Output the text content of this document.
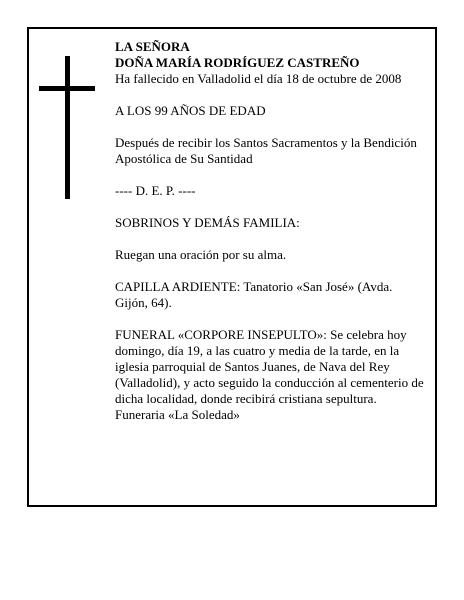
LA SEÑORA

DOÑA MARÍA RODRÍGUEZ CASTREÑO

Ha fallecido en Valladolid el día 18 de octubre de 2008

A LOS 99 AÑOS DE EDAD

Después de recibir los Santos Sacramentos y la Bendición Apostólica de Su Santidad

---- D. E. P. ----

SOBRINOS Y DEMÁS FAMILIA:

Ruegan una oración por su alma.

CAPILLA ARDIENTE: Tanatorio «San José» (Avda. Gijón, 64).

FUNERAL «CORPORE INSEPULTO»: Se celebra hoy domingo, día 19, a las cuatro y media de la tarde, en la iglesia parroquial de Santos Juanes, de Nava del Rey (Valladolid), y acto seguido la conducción al cementerio de dicha localidad, donde recibirá cristiana sepultura.

Funeraria «La Soledad»
